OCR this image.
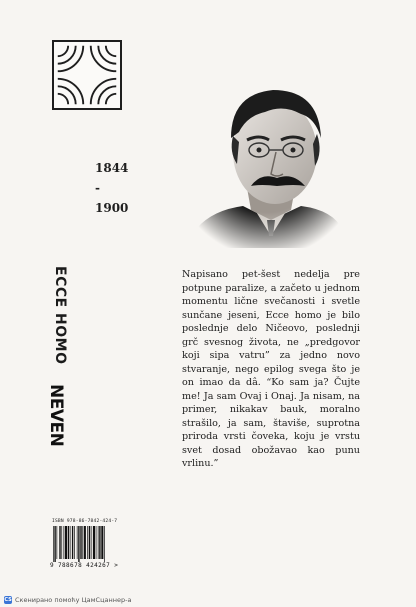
1844
-
1900
ECCE HOMO
NEVEN
Napisano pet-šest nedelja pre potpune paralize, a začeto u jednom momentu lične svečanosti i svetle sunčane jeseni, Ecce homo je bilo poslednje delo Ničeovo, poslednji grč svesnog života, ne „predgovor koji sipa vatru” za jedno novo stvaranje, nego epilog svega što je on imao da dâ. “Ko sam ja? Čujte me! Ja sam Ovaj i Onaj. Ja nisam, na primer, nikakav bauk, moralno strašilo, ja sam, štaviše, suprotna priroda vrsti čoveka, koju je vrstu svet dosad obožavao kao punu vrlinu.”
ISBN 978-86-7842-424-7
9 788678 424267 >
CS Скенирано помоћу ЦамСцаннер-а
